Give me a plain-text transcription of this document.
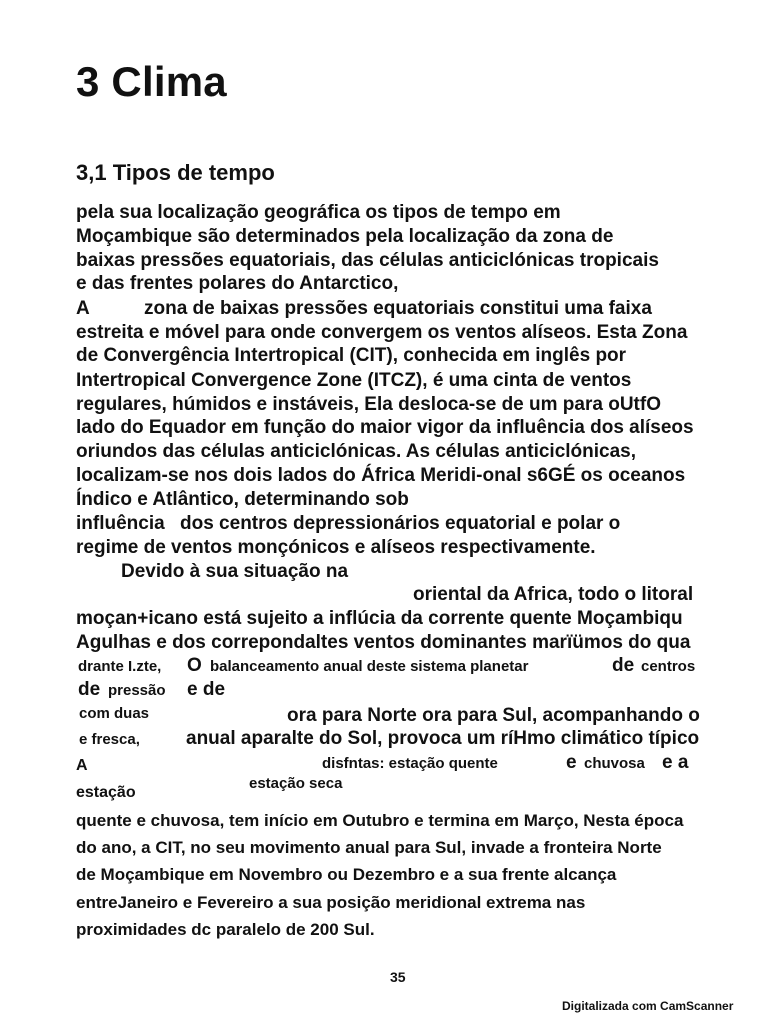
3 Clima
3,1 Tipos de tempo
pela sua localização geográfica os tipos de tempo em
Moçambique são determinados pela localização da zona de
baixas pressões equatoriais, das células anticiclónicas tropicais
e das frentes polares do Antarctico,
A	zona de baixas pressões equatoriais constitui uma faixa
estreita e móvel para onde convergem os ventos alíseos. Esta Zona
de Convergência Intertropical (CIT), conhecida em inglês por
Intertropical Convergence Zone (ITCZ), é uma cinta de ventos
regulares, húmidos e instáveis, Ela desloca-se de um para oUtfO
lado do Equador em função do maior vigor da influência dos alíseos
oriundos das células anticiclónicas. As células anticiclónicas,
localizam-se nos dois lados do África Meridi-onal s6GÉ os oceanos
Índico e Atlântico, determinando sob
influência dos centros depressionários equatorial e polar o
regime de ventos monçónicos e alíseos respectivamente.
Devido à sua situação na
oriental da Africa, todo o litoral
moçan+icano está sujeito a inflúcia da corrente quente Moçambiqu
Agulhas e dos correpondaltes ventos dominantes marïümos do qua
drante I.zte, O balanceamento anual deste sistema planetar	de centros
de pressão e de
com duas	ora para Norte ora para Sul, acompanhando o
e fresca, anual aparalte do Sol, provoca um ríHmo climático típico
A	disfntas: estação quente	e chuvosa e a
estação seca
estação
quente e chuvosa, tem início em Outubro e termina em Março, Nesta época
do ano, a CIT, no seu movimento anual para Sul, invade a fronteira Norte
de Moçambique em Novembro ou Dezembro e a sua frente alcança
entreJaneiro e Fevereiro a sua posição meridional extrema nas
proximidades dc paralelo de 200 Sul.
35
Digitalizada com CamScanner
